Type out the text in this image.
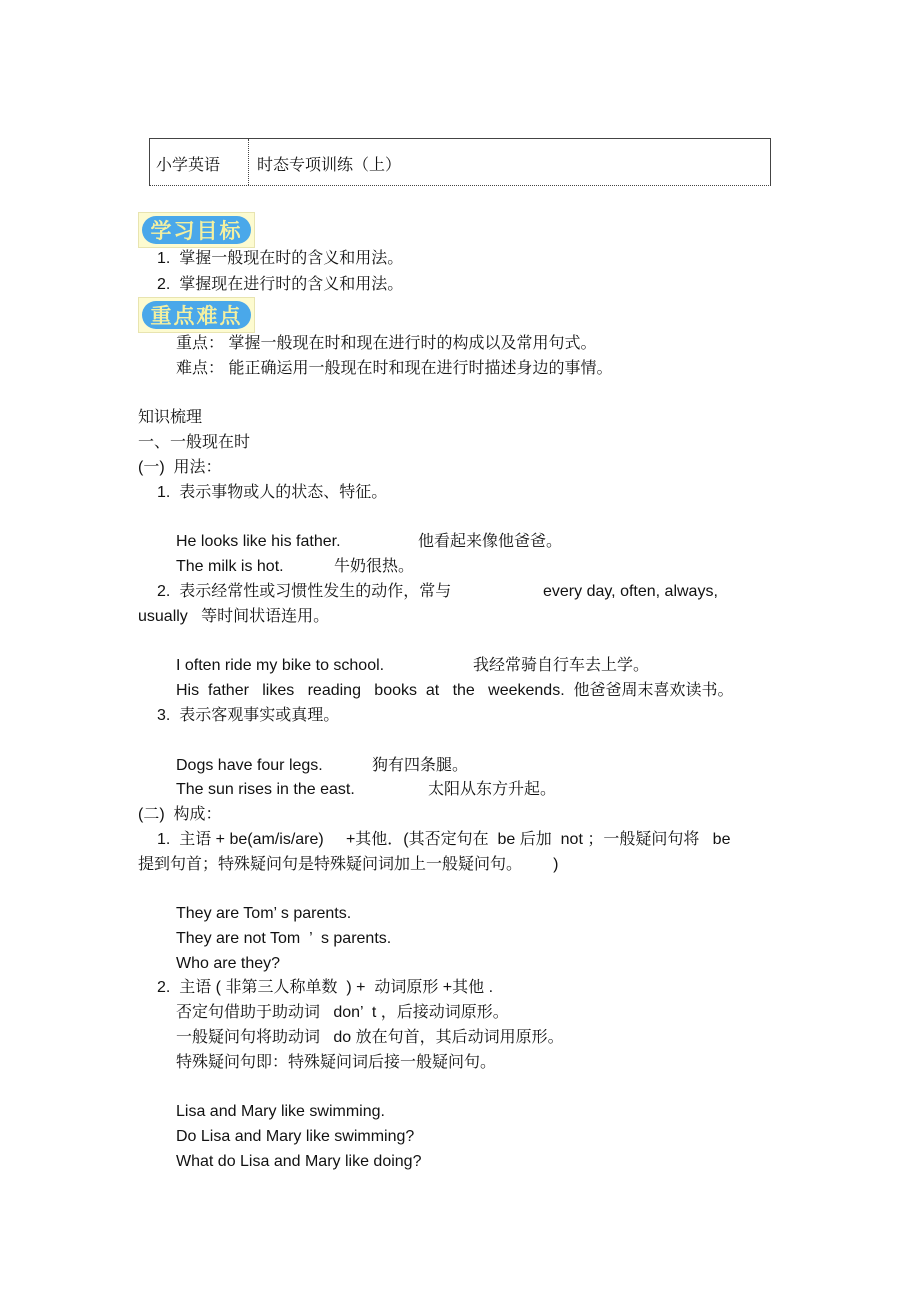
小学英语 时态专项训练（上）
学习目标
1.  掌握一般现在时的含义和用法。
2.  掌握现在进行时的含义和用法。
重点难点
重点： 掌握一般现在时和现在进行时的构成以及常用句式。
难点： 能正确运用一般现在时和现在进行时描述身边的事情。
知识梳理
一、一般现在时
(一)  用法：
1.  表示事物或人的状态、特征。
He looks like his father.	他看起来像他爸爸。
The milk is hot.	牛奶很热。
2.  表示经常性或习惯性发生的动作，常与	every day, often, always,
usually   等时间状语连用。
I often ride my bike to school.	我经常骑自行车去上学。
His  father   likes   reading   books  at   the   weekends.  他爸爸周末喜欢读书。
3.  表示客观事实或真理。
Dogs have four legs.	狗有四条腿。
The sun rises in the east.	太阳从东方升起。
(二)  构成：
1.  主语 + be(am/is/are)     +其他．(其否定句在  be 后加  not ；一般疑问句将   be
提到句首；特殊疑问句是特殊疑问词加上一般疑问句。       )
They are Tom’ s parents.
They are not Tom  ’  s parents.
Who are they?
2.  主语 ( 非第三人称单数  ) +  动词原形 +其他 .
否定句借助于助动词   don’  t ，后接动词原形。
一般疑问句将助动词   do 放在句首，其后动词用原形。
特殊疑问句即：特殊疑问词后接一般疑问句。
Lisa and Mary like swimming.
Do Lisa and Mary like swimming?
What do Lisa and Mary like doing?
